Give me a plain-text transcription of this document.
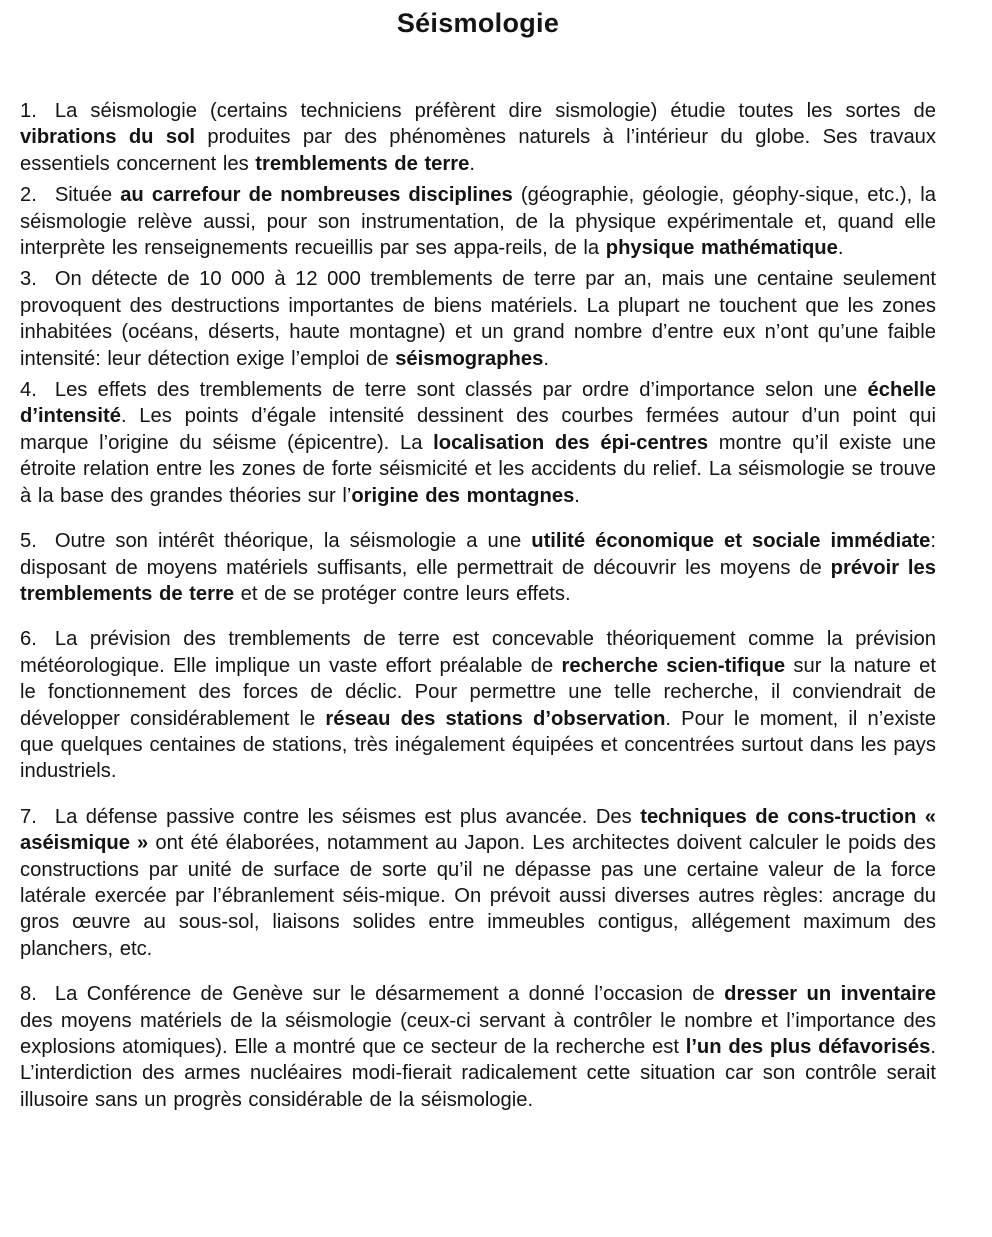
Séismologie

1. La séismologie (certains techniciens préfèrent dire sismologie) étudie toutes les sortes de vibrations du sol produites par des phénomènes naturels à l’intérieur du globe. Ses travaux essentiels concernent les tremblements de terre.

2. Située au carrefour de nombreuses disciplines (géographie, géologie, géophy-sique, etc.), la séismologie relève aussi, pour son instrumentation, de la physique expérimentale et, quand elle interprète les renseignements recueillis par ses appa-reils, de la physique mathématique.

3. On détecte de 10 000 à 12 000 tremblements de terre par an, mais une centaine seulement provoquent des destructions importantes de biens matériels. La plupart ne touchent que les zones inhabitées (océans, déserts, haute montagne) et un grand nombre d’entre eux n’ont qu’une faible intensité: leur détection exige l’emploi de séismographes.

4. Les effets des tremblements de terre sont classés par ordre d’importance selon une échelle d’intensité. Les points d’égale intensité dessinent des courbes fermées autour d’un point qui marque l’origine du séisme (épicentre). La localisation des épi-centres montre qu’il existe une étroite relation entre les zones de forte séismicité et les accidents du relief. La séismologie se trouve à la base des grandes théories sur l’origine des montagnes.

5. Outre son intérêt théorique, la séismologie a une utilité économique et sociale immédiate: disposant de moyens matériels suffisants, elle permettrait de découvrir les moyens de prévoir les tremblements de terre et de se protéger contre leurs effets.

6. La prévision des tremblements de terre est concevable théoriquement comme la prévision météorologique. Elle implique un vaste effort préalable de recherche scien-tifique sur la nature et le fonctionnement des forces de déclic. Pour permettre une telle recherche, il conviendrait de développer considérablement le réseau des stations d’observation. Pour le moment, il n’existe que quelques centaines de stations, très inégalement équipées et concentrées surtout dans les pays industriels.

7. La défense passive contre les séismes est plus avancée. Des techniques de cons-truction « aséismique » ont été élaborées, notamment au Japon. Les architectes doivent calculer le poids des constructions par unité de surface de sorte qu’il ne dépasse pas une certaine valeur de la force latérale exercée par l’ébranlement séis-mique. On prévoit aussi diverses autres règles: ancrage du gros œuvre au sous-sol, liaisons solides entre immeubles contigus, allégement maximum des planchers, etc.

8. La Conférence de Genève sur le désarmement a donné l’occasion de dresser un inventaire des moyens matériels de la séismologie (ceux-ci servant à contrôler le nombre et l’importance des explosions atomiques). Elle a montré que ce secteur de la recherche est l’un des plus défavorisés. L’interdiction des armes nucléaires modi-fierait radicalement cette situation car son contrôle serait illusoire sans un progrès considérable de la séismologie.
